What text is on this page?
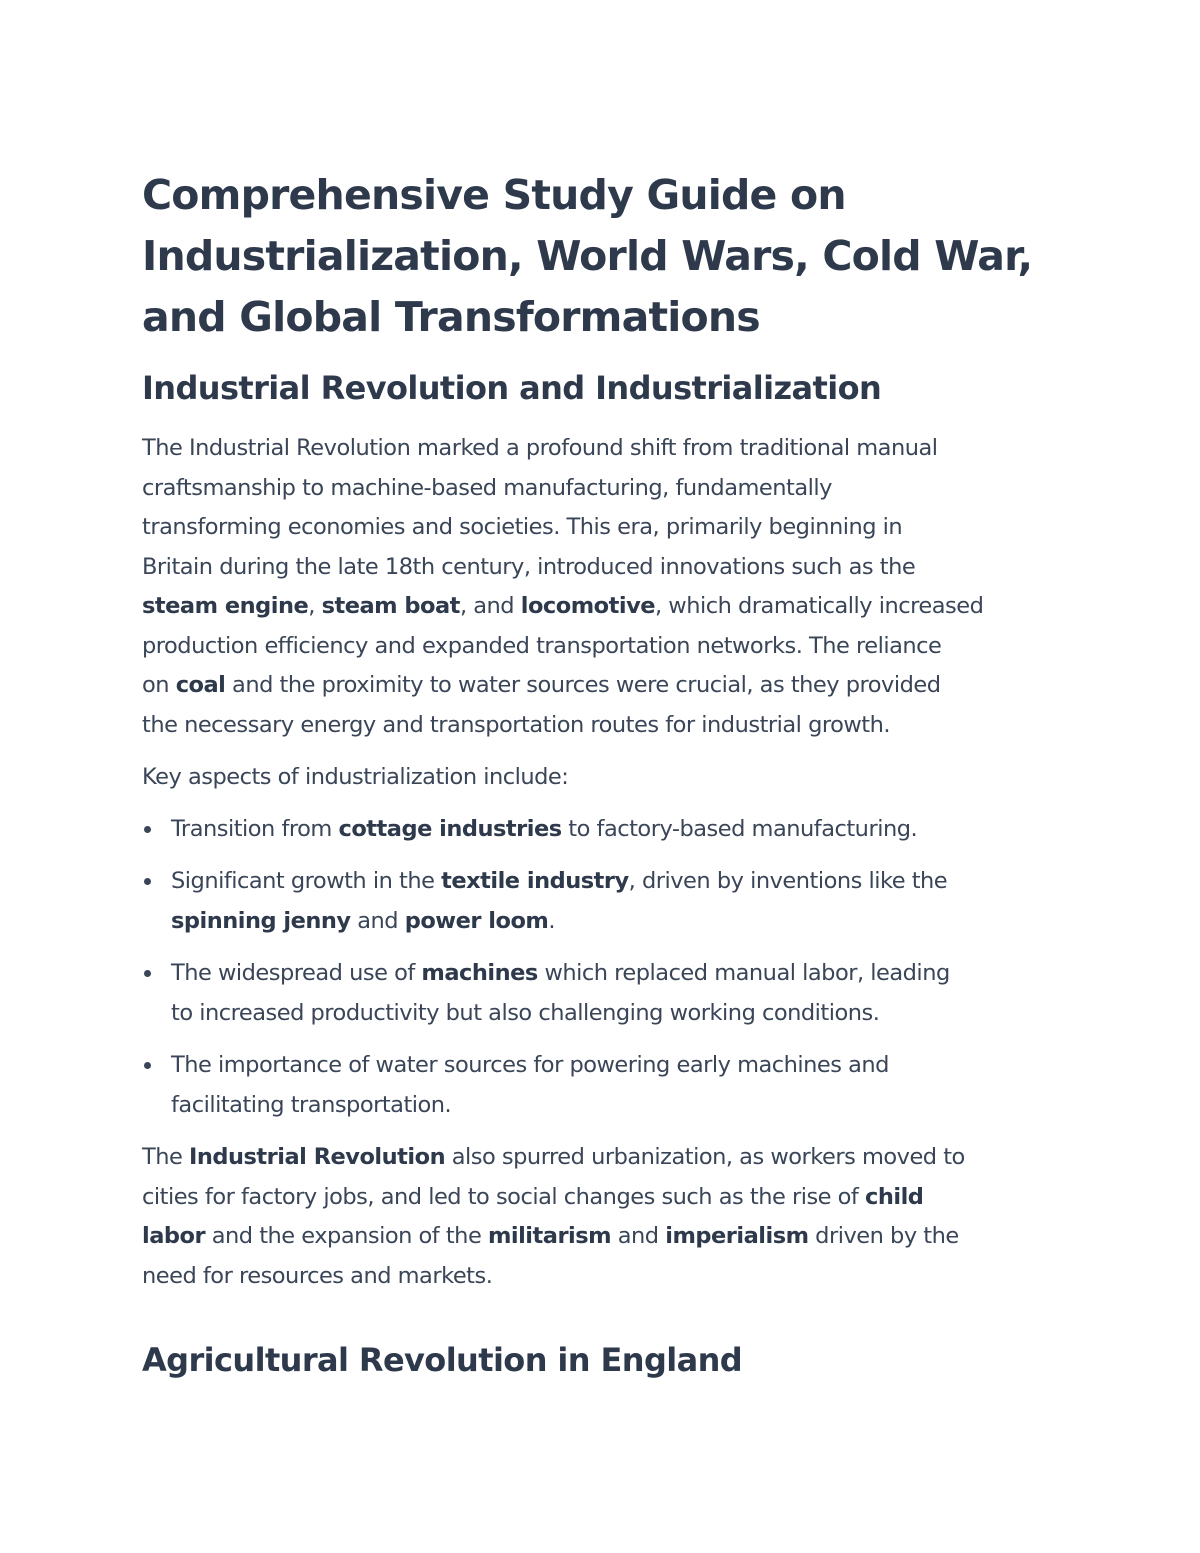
Comprehensive Study Guide on
Industrialization, World Wars, Cold War,
and Global Transformations
Industrial Revolution and Industrialization
The Industrial Revolution marked a profound shift from traditional manual
craftsmanship to machine-based manufacturing, fundamentally
transforming economies and societies. This era, primarily beginning in
Britain during the late 18th century, introduced innovations such as the
steam engine, steam boat, and locomotive, which dramatically increased
production efficiency and expanded transportation networks. The reliance
on coal and the proximity to water sources were crucial, as they provided
the necessary energy and transportation routes for industrial growth.
Key aspects of industrialization include:
Transition from cottage industries to factory-based manufacturing.
Significant growth in the textile industry, driven by inventions like the
spinning jenny and power loom.
The widespread use of machines which replaced manual labor, leading
to increased productivity but also challenging working conditions.
The importance of water sources for powering early machines and
facilitating transportation.
The Industrial Revolution also spurred urbanization, as workers moved to
cities for factory jobs, and led to social changes such as the rise of child
labor and the expansion of the militarism and imperialism driven by the
need for resources and markets.
Agricultural Revolution in England
